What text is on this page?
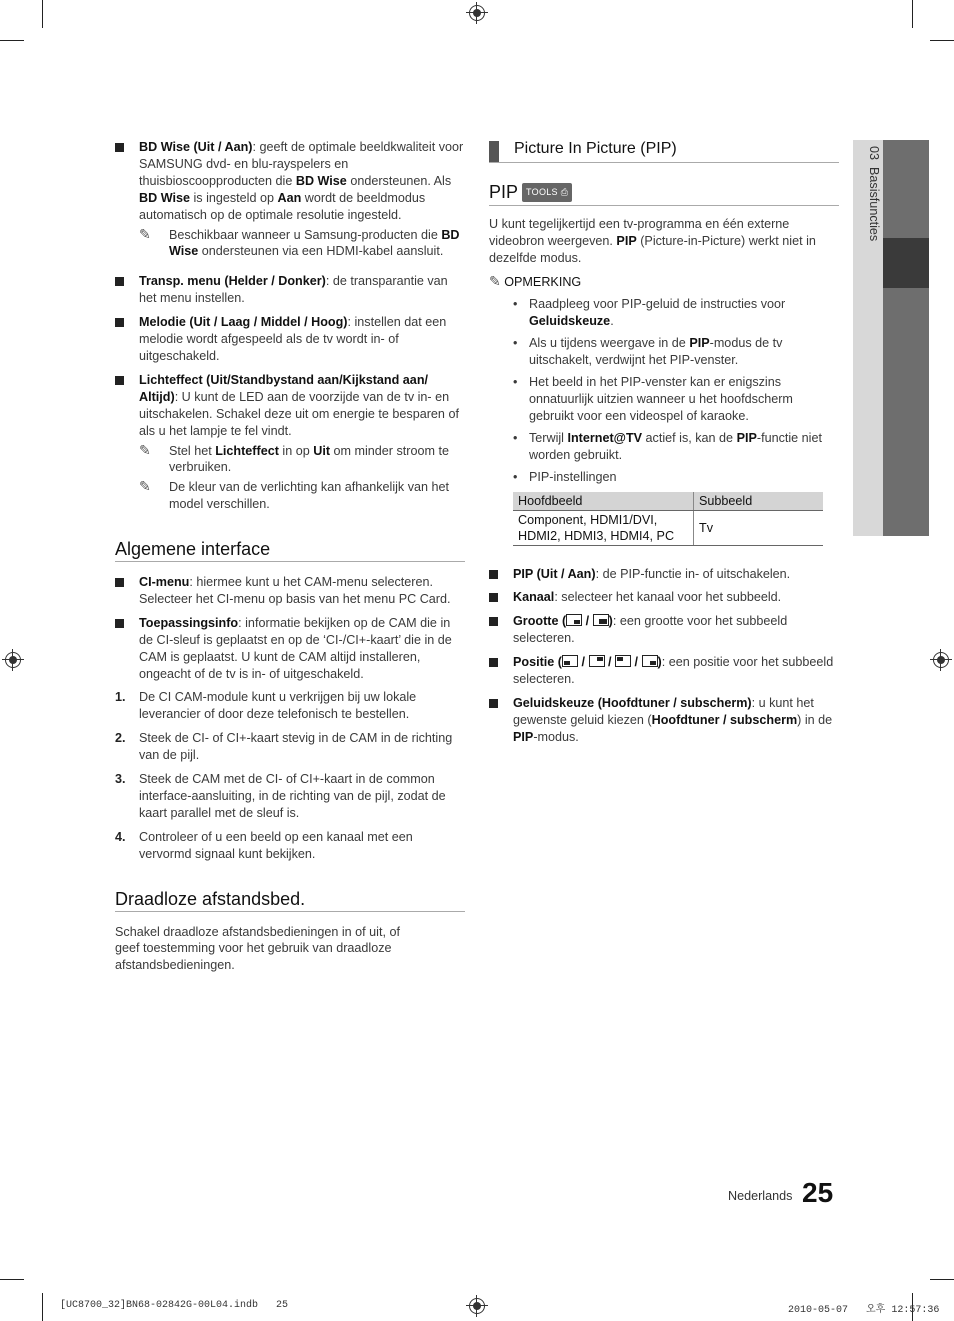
03  Basisfuncties
BD Wise (Uit / Aan): geeft de optimale beeldkwaliteit voor SAMSUNG dvd- en blu-rayspelers en thuisbioscoopproducten die BD Wise ondersteunen. Als BD Wise is ingesteld op Aan wordt de beeldmodus automatisch op de optimale resolutie ingesteld.
✎ Beschikbaar wanneer u Samsung-producten die BD Wise ondersteunen via een HDMI-kabel aansluit.
Transp. menu (Helder / Donker): de transparantie van het menu instellen.
Melodie (Uit / Laag / Middel / Hoog): instellen dat een melodie wordt afgespeeld als de tv wordt in- of uitgeschakeld.
Lichteffect (Uit/Standbystand aan/Kijkstand aan/ Altijd): U kunt de LED aan de voorzijde van de tv in- en uitschakelen. Schakel deze uit om energie te besparen of als u het lampje te fel vindt.
✎ Stel het Lichteffect in op Uit om minder stroom te verbruiken.
✎ De kleur van de verlichting kan afhankelijk van het model verschillen.
Algemene interface
CI-menu: hiermee kunt u het CAM-menu selecteren. Selecteer het CI-menu op basis van het menu PC Card.
Toepassingsinfo: informatie bekijken op de CAM die in de CI-sleuf is geplaatst en op de ‘CI-/CI+-kaart’ die in de CAM is geplaatst. U kunt de CAM altijd installeren, ongeacht of de tv is in- of uitgeschakeld.
1. De CI CAM-module kunt u verkrijgen bij uw lokale leverancier of door deze telefonisch te bestellen.
2. Steek de CI- of CI+-kaart stevig in de CAM in de richting van de pijl.
3. Steek de CAM met de CI- of CI+-kaart in de common interface-aansluiting, in de richting van de pijl, zodat de kaart parallel met de sleuf is.
4. Controleer of u een beeld op een kanaal met een vervormd signaal kunt bekijken.
Draadloze afstandsbed.
Schakel draadloze afstandsbedieningen in of uit, of geef toestemming voor het gebruik van draadloze afstandsbedieningen.
Picture In Picture (PIP)
PIP TOOLS ⎙
U kunt tegelijkertijd een tv-programma en één externe videobron weergeven. PIP (Picture-in-Picture) werkt niet in dezelfde modus.
✎ OPMERKING
• Raadpleeg voor PIP-geluid de instructies voor Geluidskeuze.
• Als u tijdens weergave in de PIP-modus de tv uitschakelt, verdwijnt het PIP-venster.
• Het beeld in het PIP-venster kan er enigszins onnatuurlijk uitzien wanneer u het hoofdscherm gebruikt voor een videospel of karaoke.
• Terwijl Internet@TV actief is, kan de PIP-functie niet worden gebruikt.
• PIP-instellingen
Hoofdbeeld	Subbeeld
Component, HDMI1/DVI, HDMI2, HDMI3, HDMI4, PC	Tv
PIP (Uit / Aan): de PIP-functie in- of uitschakelen.
Kanaal: selecteer het kanaal voor het subbeeld.
Grootte (
/
): een grootte voor het subbeeld selecteren.
Positie (
/
/
/
): een positie voor het subbeeld selecteren.
Geluidskeuze (Hoofdtuner / subscherm): u kunt het gewenste geluid kiezen (Hoofdtuner / subscherm) in de PIP-modus.
Nederlands 25
[UC8700_32]BN68-02842G-00L04.indb   25	2010-05-07   오후 12:57:36
